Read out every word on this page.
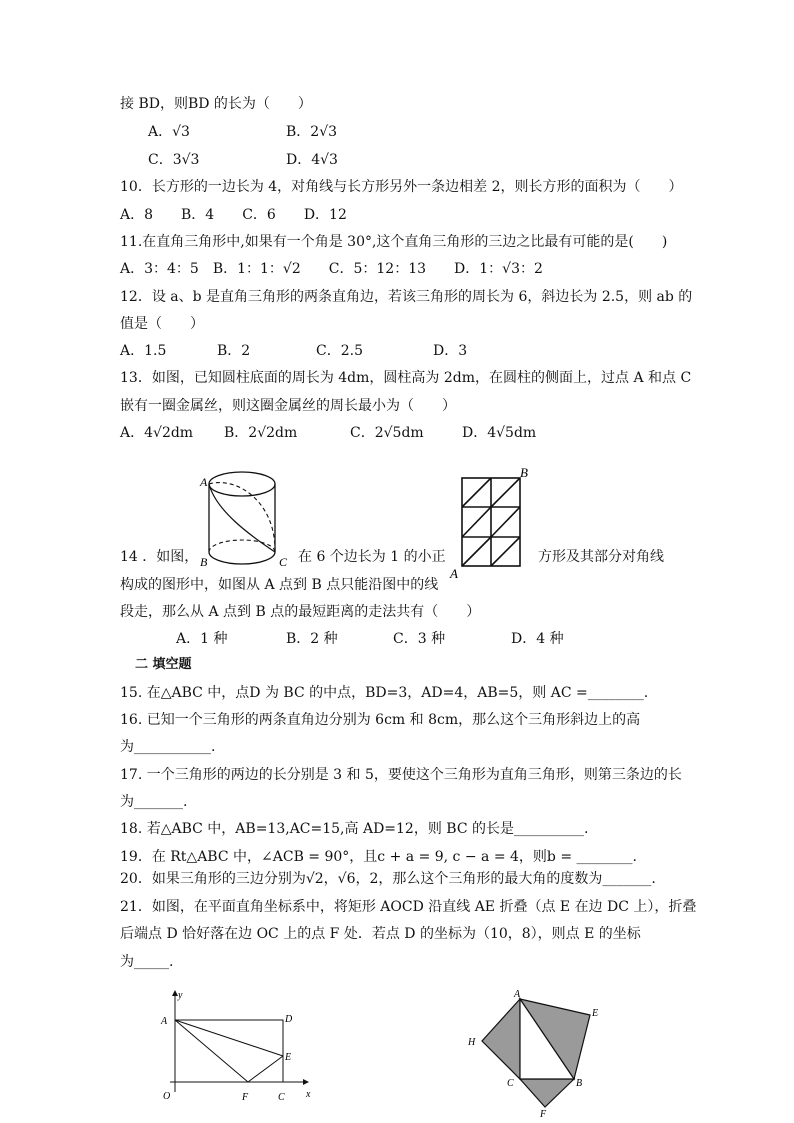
接 BD，则BD 的长为（　　）
A．√3	B．2√3
C．3√3	D．4√3
10．长方形的一边长为 4，对角线与长方形另外一条边相差 2，则长方形的面积为（　　）
A．8　　B．4　　C．6　　D．12
11.在直角三角形中,如果有一个角是 30°,这个直角三角形的三边之比最有可能的是(　　)
A．3：4：5　B．1：1：√2　　C．5：12：13　　D．1：√3：2
12．设 a、b 是直角三角形的两条直角边，若该三角形的周长为 6，斜边长为 2.5，则 ab 的
值是（　　）
A．1.5	B．2	C．2.5	D．3
13．如图，已知圆柱底面的周长为 4dm，圆柱高为 2dm，在圆柱的侧面上，过点 A 和点 C
嵌有一圈金属丝，则这圈金属丝的周长最小为（　　）
A．4√2dm B．2√2dm	C．2√5dm	D．4√5dm
A
B	C
14 ．如图，	在 6 个边长为 1 的小正	方形及其部分对角线
构成的图形中，如图从 A 点到 B 点只能沿图中的线
段走，那么从 A 点到 B 点的最短距离的走法共有（　　）
A．1 种	B．2 种	C．3 种	D．4 种
A
B
二 填空题
15. 在△ABC 中，点D 为 BC 的中点，BD=3，AD=4，AB=5，则 AC =________.
16. 已知一个三角形的两条直角边分别为 6cm 和 8cm，那么这个三角形斜边上的高
为___________.
17. 一个三角形的两边的长分别是 3 和 5，要使这个三角形为直角三角形，则第三条边的长
为_______.
18. 若△ABC 中，AB=13,AC=15,高 AD=12，则 BC 的长是__________.
19．在 Rt△ABC 中，∠ACB = 90°，且c + a = 9, c − a = 4，则b = ________.
20．如果三角形的三边分别为√2，√6，2，那么这个三角形的最大角的度数为_______.
21．如图，在平面直角坐标系中，将矩形 AOCD 沿直线 AE 折叠（点 E 在边 DC 上），折叠
后端点 D 恰好落在边 OC 上的点 F 处．若点 D 的坐标为（10，8），则点 E 的坐标
为_____.
y
x
A	D
E
O	F	C
A
E
H
C	B
F
